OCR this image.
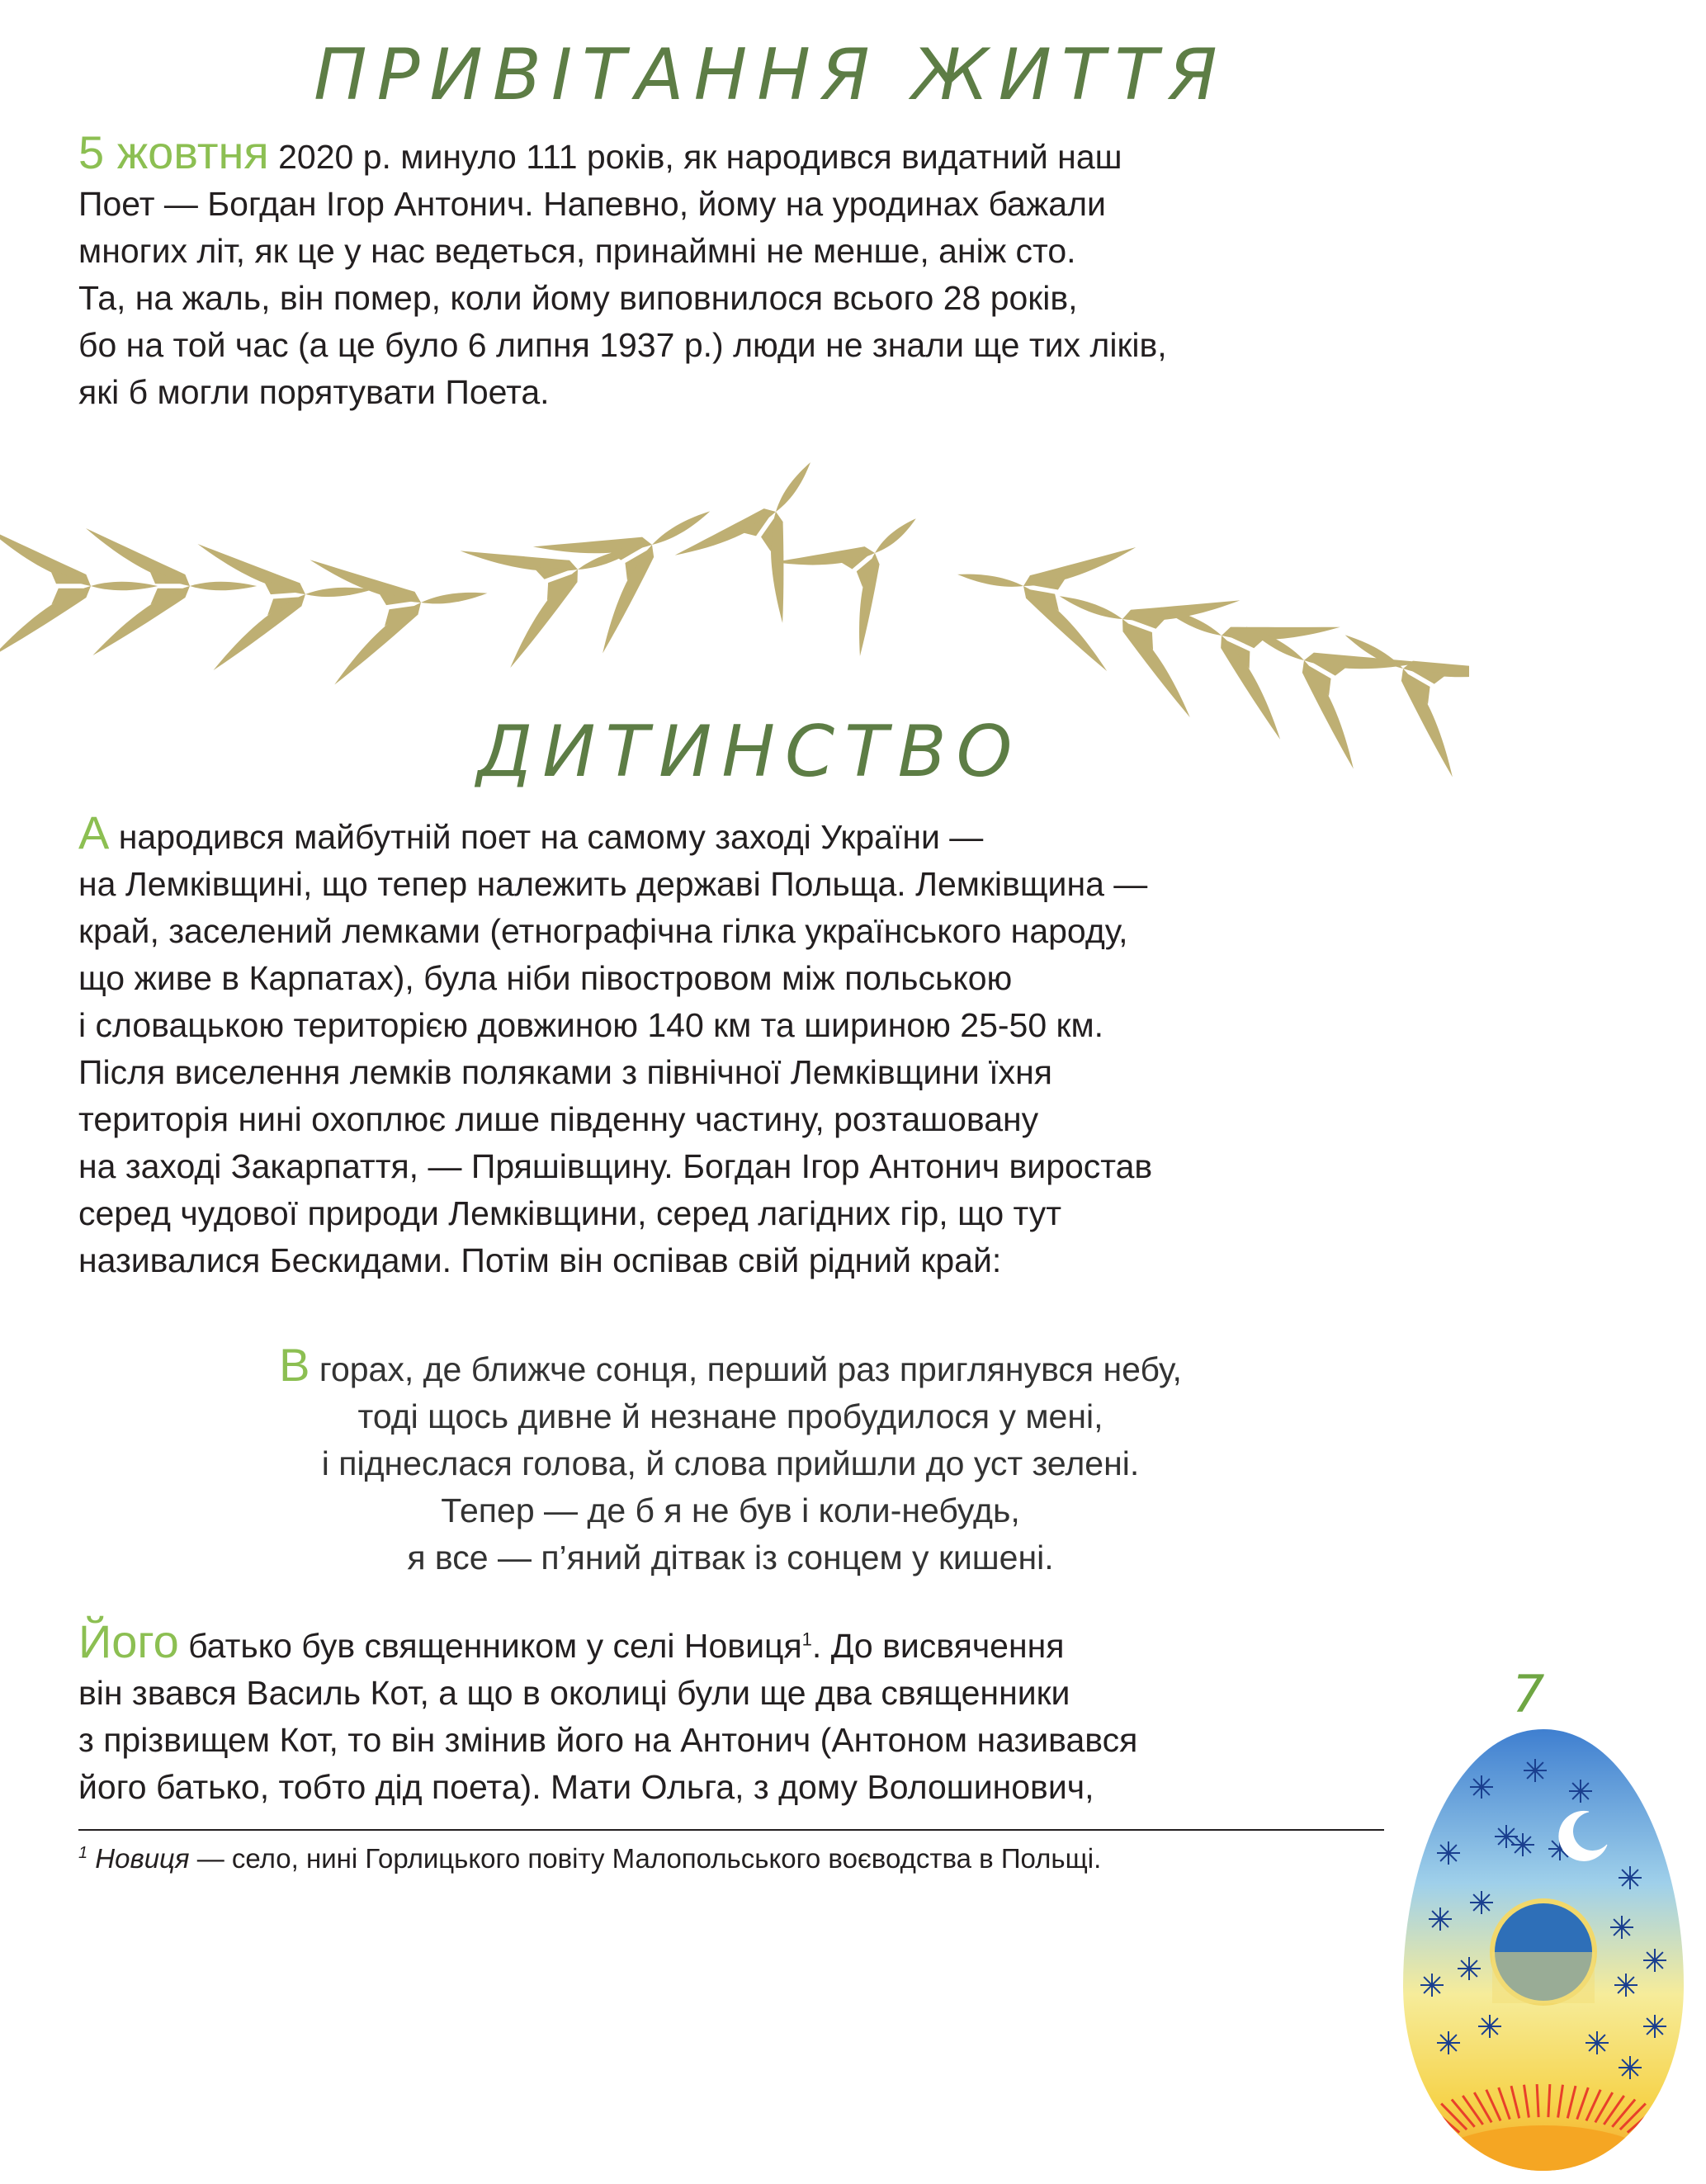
ПРИВІТАННЯ ЖИТТЯ

5 жовтня 2020 р. минуло 111 років, як народився видатний наш
Поет — Богдан Ігор Антонич. Напевно, йому на уродинах бажали
многих літ, як це у нас ведеться, принаймні не менше, аніж сто.
Та, на жаль, він помер, коли йому виповнилося всього 28 років,
бо на той час (а це було 6 липня 1937 р.) люди не знали ще тих ліків,
які б могли порятувати Поета.

ДИТИНСТВО

А народився майбутній поет на самому заході України —
на Лемківщині, що тепер належить державі Польща. Лемківщина —
край, заселений лемками (етнографічна гілка українського народу,
що живе в Карпатах), була ніби півостровом між польською
і словацькою територією довжиною 140 км та шириною 25-50 км.
Після виселення лемків поляками з північної Лемківщини їхня
територія нині охоплює лише південну частину, розташовану
на заході Закарпаття, — Пряшівщину. Богдан Ігор Антонич виростав
серед чудової природи Лемківщини, серед лагідних гір, що тут
називалися Бескидами. Потім він оспівав свій рідний край:

В горах, де ближче сонця, перший раз приглянувся небу,
тоді щось дивне й незнане пробудилося у мені,
і піднеслася голова, й слова прийшли до уст зелені.
Тепер — де б я не був і коли-небудь,
я все — п’яний дітвак із сонцем у кишені.

Його батько був священником у селі Новиця$^1$. До висвячення
він звався Василь Кот, а що в околиці були ще два священники
з прізвищем Кот, то він змінив його на Антонич (Антоном називався
його батько, тобто дід поета). Мати Ольга, з дому Волошинович,

$^1$ Новиця — село, нині Горлицького повіту Малопольського воєводства в Польщі.

7
